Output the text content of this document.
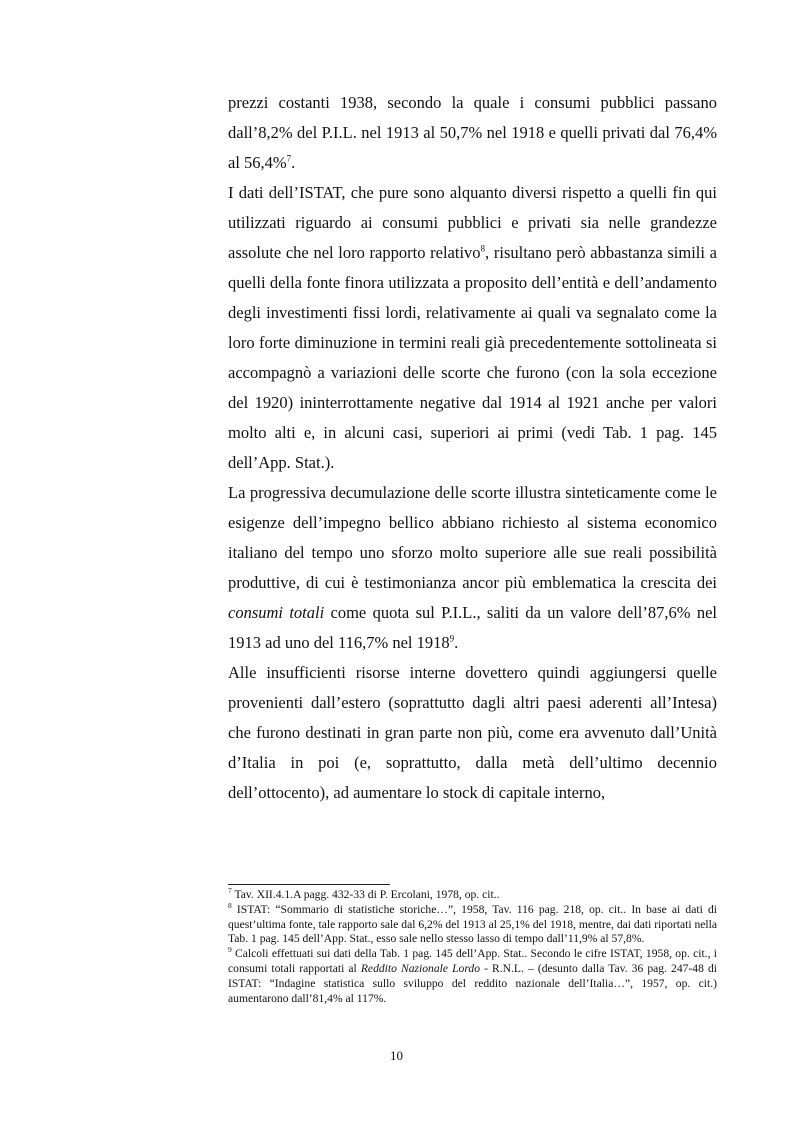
prezzi costanti 1938, secondo la quale i consumi pubblici passano dall’8,2% del P.I.L. nel 1913 al 50,7% nel 1918 e quelli privati dal 76,4% al 56,4%$^7$.

I dati dell’ISTAT, che pure sono alquanto diversi rispetto a quelli fin qui utilizzati riguardo ai consumi pubblici e privati sia nelle grandezze assolute che nel loro rapporto relativo$^8$, risultano però abbastanza simili a quelli della fonte finora utilizzata a proposito dell’entità e dell’andamento degli investimenti fissi lordi, relativamente ai quali va segnalato come la loro forte diminuzione in termini reali già precedentemente sottolineata si accompagnò a variazioni delle scorte che furono (con la sola eccezione del 1920) ininterrottamente negative dal 1914 al 1921 anche per valori molto alti e, in alcuni casi, superiori ai primi (vedi Tab. 1 pag. 145 dell’App. Stat.).

La progressiva decumulazione delle scorte illustra sinteticamente come le esigenze dell’impegno bellico abbiano richiesto al sistema economico italiano del tempo uno sforzo molto superiore alle sue reali possibilità produttive, di cui è testimonianza ancor più emblematica la crescita dei consumi totali come quota sul P.I.L., saliti da un valore dell’87,6% nel 1913 ad uno del 116,7% nel 1918$^9$.

Alle insufficienti risorse interne dovettero quindi aggiungersi quelle provenienti dall’estero (soprattutto dagli altri paesi aderenti all’Intesa) che furono destinati in gran parte non più, come era avvenuto dall’Unità d’Italia in poi (e, soprattutto, dalla metà dell’ultimo decennio dell’ottocento), ad aumentare lo stock di capitale interno,

$^7$ Tav. XII.4.1.A pagg. 432-33 di P. Ercolani, 1978, op. cit..

$^8$ ISTAT: “Sommario di statistiche storiche…”, 1958, Tav. 116 pag. 218, op. cit.. In base ai dati di quest’ultima fonte, tale rapporto sale dal 6,2% del 1913 al 25,1% del 1918, mentre, dai dati riportati nella Tab. 1 pag. 145 dell’App. Stat., esso sale nello stesso lasso di tempo dall’11,9% al 57,8%.

$^9$ Calcoli effettuati sui dati della Tab. 1 pag. 145 dell’App. Stat.. Secondo le cifre ISTAT, 1958, op. cit., i consumi totali rapportati al Reddito Nazionale Lordo - R.N.L. – (desunto dalla Tav. 36 pag. 247-48 di ISTAT: “Indagine statistica sullo sviluppo del reddito nazionale dell’Italia…”, 1957, op. cit.) aumentarono dall’81,4% al 117%.

10
